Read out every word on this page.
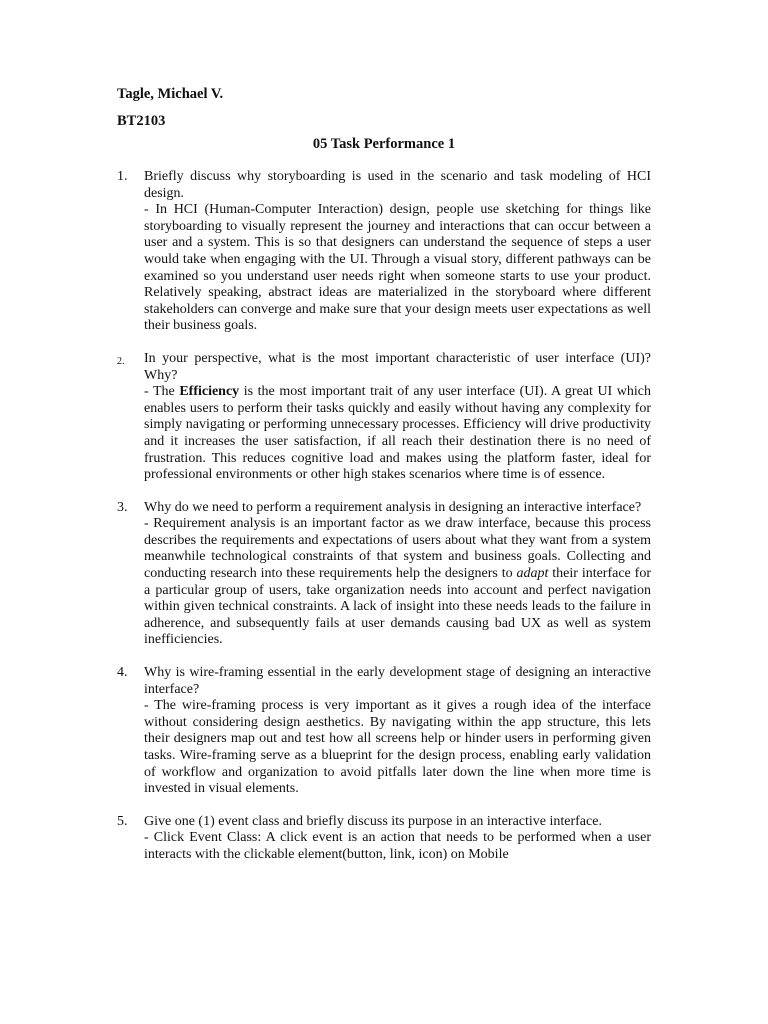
Tagle, Michael V.
BT2103
05 Task Performance 1
1. Briefly discuss why storyboarding is used in the scenario and task modeling of HCI design.

- In HCI (Human-Computer Interaction) design, people use sketching for things like storyboarding to visually represent the journey and interactions that can occur between a user and a system. This is so that designers can understand the sequence of steps a user would take when engaging with the UI. Through a visual story, different pathways can be examined so you understand user needs right when someone starts to use your product. Relatively speaking, abstract ideas are materialized in the storyboard where different stakeholders can converge and make sure that your design meets user expectations as well their business goals.

2. In your perspective, what is the most important characteristic of user interface (UI)? Why?

- The Efficiency is the most important trait of any user interface (UI). A great UI which enables users to perform their tasks quickly and easily without having any complexity for simply navigating or performing unnecessary processes. Efficiency will drive productivity and it increases the user satisfaction, if all reach their destination there is no need of frustration. This reduces cognitive load and makes using the platform faster, ideal for professional environments or other high stakes scenarios where time is of essence.

3. Why do we need to perform a requirement analysis in designing an interactive interface?

- Requirement analysis is an important factor as we draw interface, because this process describes the requirements and expectations of users about what they want from a system meanwhile technological constraints of that system and business goals. Collecting and conducting research into these requirements help the designers to adapt their interface for a particular group of users, take organization needs into account and perfect navigation within given technical constraints. A lack of insight into these needs leads to the failure in adherence, and subsequently fails at user demands causing bad UX as well as system inefficiencies.

4. Why is wire-framing essential in the early development stage of designing an interactive interface?

- The wire-framing process is very important as it gives a rough idea of the interface without considering design aesthetics. By navigating within the app structure, this lets their designers map out and test how all screens help or hinder users in performing given tasks. Wire-framing serve as a blueprint for the design process, enabling early validation of workflow and organization to avoid pitfalls later down the line when more time is invested in visual elements.

5. Give one (1) event class and briefly discuss its purpose in an interactive interface.

- Click Event Class: A click event is an action that needs to be performed when a user interacts with the clickable element(button, link, icon) on Mobile
